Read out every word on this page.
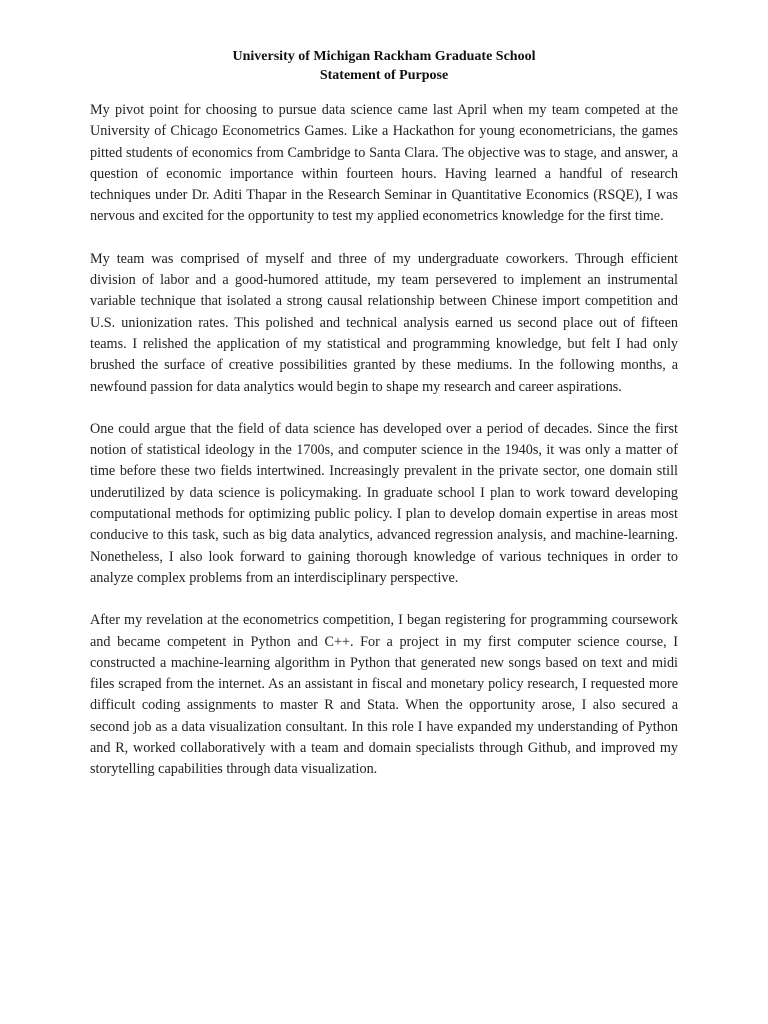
University of Michigan Rackham Graduate School
Statement of Purpose

My pivot point for choosing to pursue data science came last April when my team competed at the University of Chicago Econometrics Games. Like a Hackathon for young econometricians, the games pitted students of economics from Cambridge to Santa Clara. The objective was to stage, and answer, a question of economic importance within fourteen hours. Having learned a handful of research techniques under Dr. Aditi Thapar in the Research Seminar in Quantitative Economics (RSQE), I was nervous and excited for the opportunity to test my applied econometrics knowledge for the first time.

My team was comprised of myself and three of my undergraduate coworkers. Through efficient division of labor and a good-humored attitude, my team persevered to implement an instrumental variable technique that isolated a strong causal relationship between Chinese import competition and U.S. unionization rates. This polished and technical analysis earned us second place out of fifteen teams. I relished the application of my statistical and programming knowledge, but felt I had only brushed the surface of creative possibilities granted by these mediums. In the following months, a newfound passion for data analytics would begin to shape my research and career aspirations.

One could argue that the field of data science has developed over a period of decades. Since the first notion of statistical ideology in the 1700s, and computer science in the 1940s, it was only a matter of time before these two fields intertwined. Increasingly prevalent in the private sector, one domain still underutilized by data science is policymaking. In graduate school I plan to work toward developing computational methods for optimizing public policy. I plan to develop domain expertise in areas most conducive to this task, such as big data analytics, advanced regression analysis, and machine-learning. Nonetheless, I also look forward to gaining thorough knowledge of various techniques in order to analyze complex problems from an interdisciplinary perspective.

After my revelation at the econometrics competition, I began registering for programming coursework and became competent in Python and C++. For a project in my first computer science course, I constructed a machine-learning algorithm in Python that generated new songs based on text and midi files scraped from the internet. As an assistant in fiscal and monetary policy research, I requested more difficult coding assignments to master R and Stata. When the opportunity arose, I also secured a second job as a data visualization consultant. In this role I have expanded my understanding of Python and R, worked collaboratively with a team and domain specialists through Github, and improved my storytelling capabilities through data visualization.
